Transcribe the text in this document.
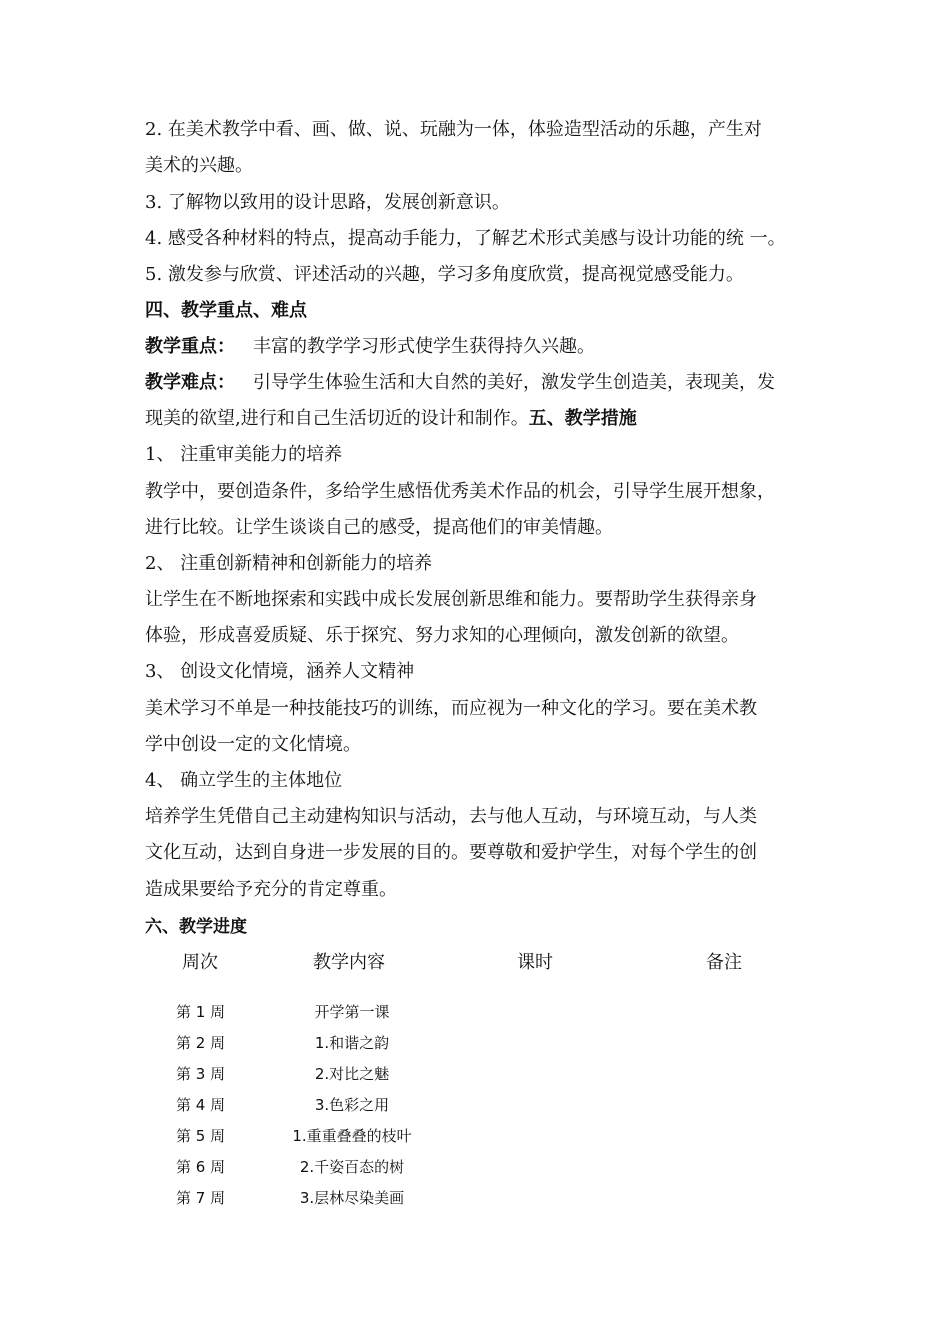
2. 在美术教学中看、画、做、说、玩融为一体，体验造型活动的乐趣，产生对
美术的兴趣。
3. 了解物以致用的设计思路，发展创新意识。
4. 感受各种材料的特点，提高动手能力，了解艺术形式美感与设计功能的统 一。
5. 激发参与欣赏、评述活动的兴趣，学习多角度欣赏，提高视觉感受能力。
四、教学重点、难点
教学重点： 丰富的教学学习形式使学生获得持久兴趣。
教学难点： 引导学生体验生活和大自然的美好，激发学生创造美，表现美，发
现美的欲望,进行和自己生活切近的设计和制作。五、教学措施
1、 注重审美能力的培养
教学中，要创造条件，多给学生感悟优秀美术作品的机会，引导学生展开想象，
进行比较。让学生谈谈自己的感受，提高他们的审美情趣。
2、 注重创新精神和创新能力的培养
让学生在不断地探索和实践中成长发展创新思维和能力。要帮助学生获得亲身
体验，形成喜爱质疑、乐于探究、努力求知的心理倾向，激发创新的欲望。
3、 创设文化情境，涵养人文精神
美术学习不单是一种技能技巧的训练，而应视为一种文化的学习。要在美术教
学中创设一定的文化情境。
4、 确立学生的主体地位
培养学生凭借自己主动建构知识与活动，去与他人互动，与环境互动，与人类
文化互动，达到自身进一步发展的目的。要尊敬和爱护学生，对每个学生的创
造成果要给予充分的肯定尊重。
六、教学进度
周次	教学内容	课时	备注
第 1 周	开学第一课
第 2 周	1.和谐之韵
第 3 周	2.对比之魅
第 4 周	3.色彩之用
第 5 周	1.重重叠叠的枝叶
第 6 周	2.千姿百态的树
第 7 周	3.层林尽染美画
